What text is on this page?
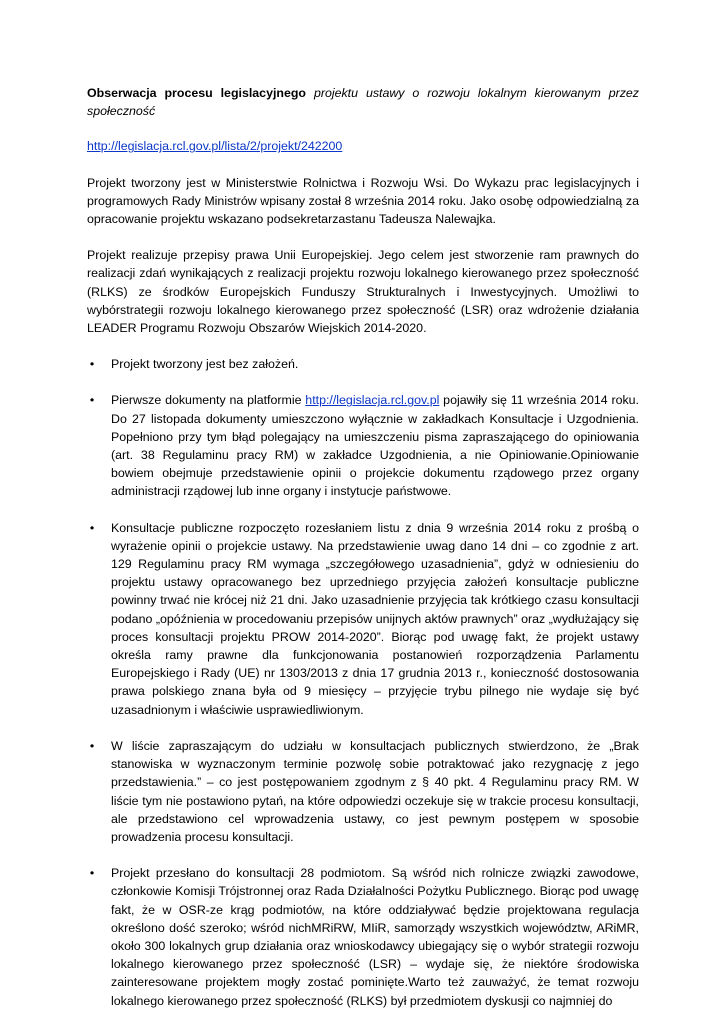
Obserwacja procesu legislacyjnego projektu ustawy o rozwoju lokalnym kierowanym przez społeczność

http://legislacja.rcl.gov.pl/lista/2/projekt/242200

Projekt tworzony jest w Ministerstwie Rolnictwa i Rozwoju Wsi. Do Wykazu prac legislacyjnych i programowych Rady Ministrów wpisany został 8 września 2014 roku. Jako osobę odpowiedzialną za opracowanie projektu wskazano podsekretarzastanu Tadeusza Nalewajka.

Projekt realizuje przepisy prawa Unii Europejskiej. Jego celem jest stworzenie ram prawnych do realizacji zdań wynikających z realizacji projektu rozwoju lokalnego kierowanego przez społeczność (RLKS) ze środków Europejskich Funduszy Strukturalnych i Inwestycyjnych. Umożliwi to wybórstrategii rozwoju lokalnego kierowanego przez społeczność (LSR) oraz wdrożenie działania LEADER Programu Rozwoju Obszarów Wiejskich 2014-2020.

• Projekt tworzony jest bez założeń.
• Pierwsze dokumenty na platformie http://legislacja.rcl.gov.pl pojawiły się 11 września 2014 roku. Do 27 listopada dokumenty umieszczono wyłącznie w zakładkach Konsultacje i Uzgodnienia. Popełniono przy tym błąd polegający na umieszczeniu pisma zapraszającego do opiniowania (art. 38 Regulaminu pracy RM) w zakładce Uzgodnienia, a nie Opiniowanie.Opiniowanie bowiem obejmuje przedstawienie opinii o projekcie dokumentu rządowego przez organy administracji rządowej lub inne organy i instytucje państwowe.
• Konsultacje publiczne rozpoczęto rozesłaniem listu z dnia 9 września 2014 roku z prośbą o wyrażenie opinii o projekcie ustawy. Na przedstawienie uwag dano 14 dni – co zgodnie z art. 129 Regulaminu pracy RM wymaga „szczegółowego uzasadnienia”, gdyż w odniesieniu do projektu ustawy opracowanego bez uprzedniego przyjęcia założeń konsultacje publiczne powinny trwać nie krócej niż 21 dni. Jako uzasadnienie przyjęcia tak krótkiego czasu konsultacji podano „opóźnienia w procedowaniu przepisów unijnych aktów prawnych” oraz „wydłużający się proces konsultacji projektu PROW 2014-2020”. Biorąc pod uwagę fakt, że projekt ustawy określa ramy prawne dla funkcjonowania postanowień rozporządzenia Parlamentu Europejskiego i Rady (UE) nr 1303/2013 z dnia 17 grudnia 2013 r., konieczność dostosowania prawa polskiego znana była od 9 miesięcy – przyjęcie trybu pilnego nie wydaje się być uzasadnionym i właściwie usprawiedliwionym.
• W liście zapraszającym do udziału w konsultacjach publicznych stwierdzono, że „Brak stanowiska w wyznaczonym terminie pozwolę sobie potraktować jako rezygnację z jego przedstawienia.” – co jest postępowaniem zgodnym z § 40 pkt. 4 Regulaminu pracy RM. W liście tym nie postawiono pytań, na które odpowiedzi oczekuje się w trakcie procesu konsultacji, ale przedstawiono cel wprowadzenia ustawy, co jest pewnym postępem w sposobie prowadzenia procesu konsultacji.
• Projekt przesłano do konsultacji 28 podmiotom. Są wśród nich rolnicze związki zawodowe, członkowie Komisji Trójstronnej oraz Rada Działalności Pożytku Publicznego. Biorąc pod uwagę fakt, że w OSR-ze krąg podmiotów, na które oddziaływać będzie projektowana regulacja określono dość szeroko; wśród nichMRiRW, MIiR, samorządy wszystkich województw, ARiMR, około 300 lokalnych grup działania oraz wnioskodawcy ubiegający się o wybór strategii rozwoju lokalnego kierowanego przez społeczność (LSR) – wydaje się, że niektóre środowiska zainteresowane projektem mogły zostać pominięte.Warto też zauważyć, że temat rozwoju lokalnego kierowanego przez społeczność (RLKS) był przedmiotem dyskusji co najmniej do
